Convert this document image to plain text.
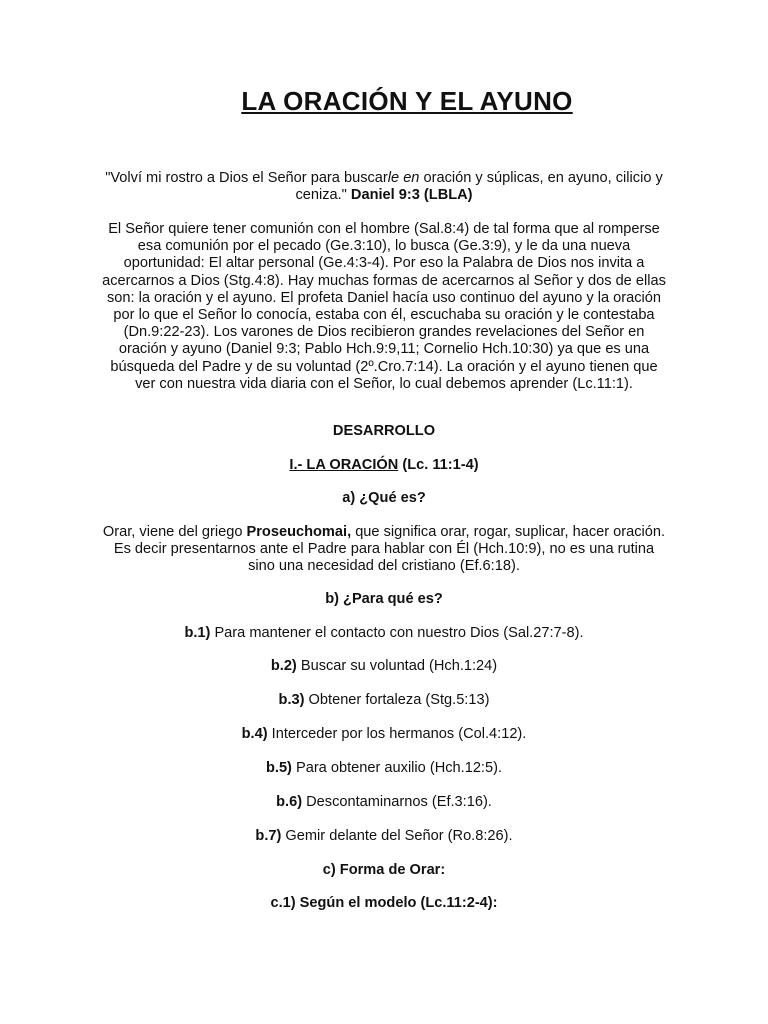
LA ORACIÓN Y EL AYUNO

"Volví mi rostro a Dios el Señor para buscarle en oración y súplicas, en ayuno, cilicio y ceniza." Daniel 9:3 (LBLA)

El Señor quiere tener comunión con el hombre (Sal.8:4) de tal forma que al romperse esa comunión por el pecado (Ge.3:10), lo busca (Ge.3:9), y le da una nueva oportunidad: El altar personal (Ge.4:3-4). Por eso la Palabra de Dios nos invita a acercarnos a Dios (Stg.4:8). Hay muchas formas de acercarnos al Señor y dos de ellas son: la oración y el ayuno. El profeta Daniel hacía uso continuo del ayuno y la oración por lo que el Señor lo conocía, estaba con él, escuchaba su oración y le contestaba (Dn.9:22-23). Los varones de Dios recibieron grandes revelaciones del Señor en oración y ayuno (Daniel 9:3; Pablo Hch.9:9,11; Cornelio Hch.10:30) ya que es una búsqueda del Padre y de su voluntad (2º.Cro.7:14). La oración y el ayuno tienen que ver con nuestra vida diaria con el Señor, lo cual debemos aprender (Lc.11:1).

DESARROLLO

I.- LA ORACIÓN (Lc. 11:1-4)

a) ¿Qué es?

Orar, viene del griego Proseuchomai, que significa orar, rogar, suplicar, hacer oración. Es decir presentarnos ante el Padre para hablar con Él (Hch.10:9), no es una rutina sino una necesidad del cristiano (Ef.6:18).

b) ¿Para qué es?

b.1) Para mantener el contacto con nuestro Dios (Sal.27:7-8).

b.2) Buscar su voluntad (Hch.1:24)

b.3) Obtener fortaleza (Stg.5:13)

b.4) Interceder por los hermanos (Col.4:12).

b.5) Para obtener auxilio (Hch.12:5).

b.6) Descontaminarnos (Ef.3:16).

b.7) Gemir delante del Señor (Ro.8:26).

c) Forma de Orar:

c.1) Según el modelo (Lc.11:2-4):
